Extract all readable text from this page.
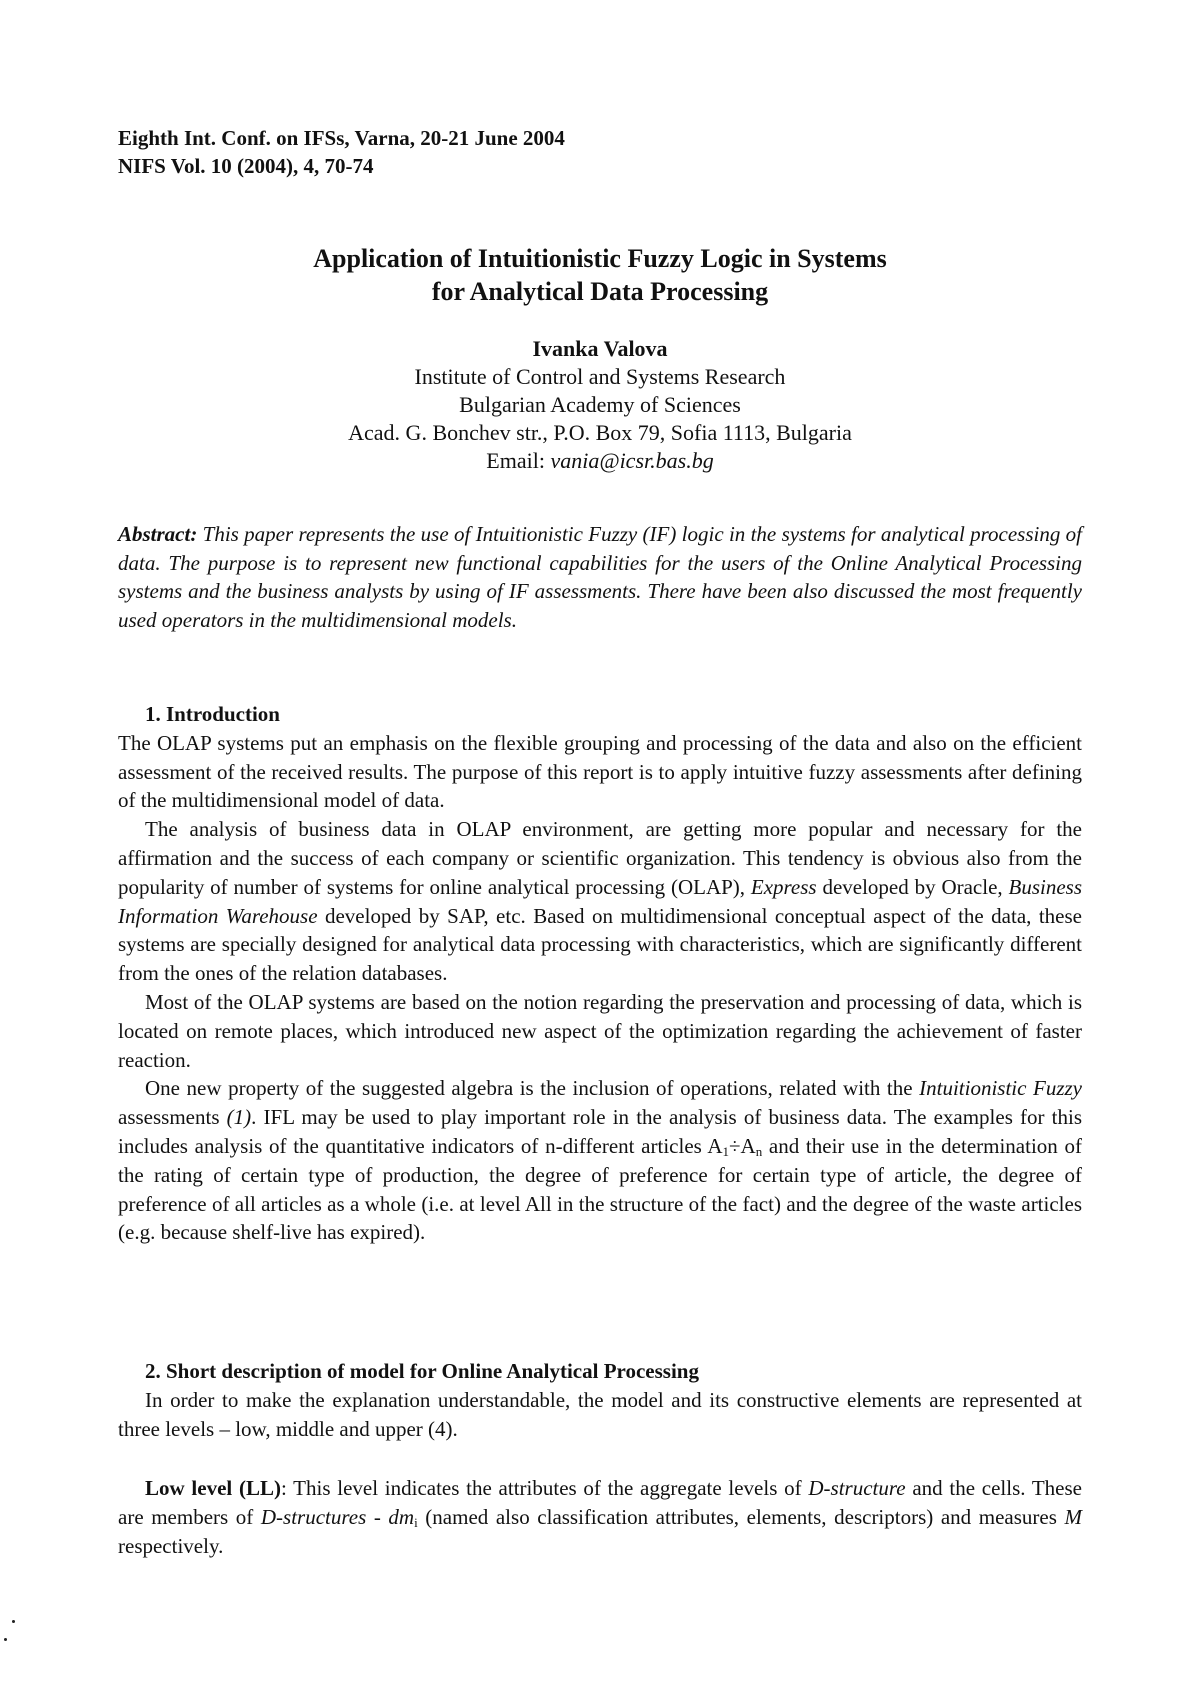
Eighth Int. Conf. on IFSs, Varna, 20-21 June 2004
NIFS Vol. 10 (2004), 4, 70-74
Application of Intuitionistic Fuzzy Logic in Systems
for Analytical Data Processing
Ivanka Valova
Institute of Control and Systems Research
Bulgarian Academy of Sciences
Acad. G. Bonchev str., P.O. Box 79, Sofia 1113, Bulgaria
Email: vania@icsr.bas.bg
Abstract: This paper represents the use of Intuitionistic Fuzzy (IF) logic in the systems for analytical processing of data. The purpose is to represent new functional capabilities for the users of the Online Analytical Processing systems and the business analysts by using of IF assessments. There have been also discussed the most frequently used operators in the multidimensional models.
1. Introduction

The OLAP systems put an emphasis on the flexible grouping and processing of the data and also on the efficient assessment of the received results. The purpose of this report is to apply intuitive fuzzy assessments after defining of the multidimensional model of data.

The analysis of business data in OLAP environment, are getting more popular and necessary for the affirmation and the success of each company or scientific organization. This tendency is obvious also from the popularity of number of systems for online analytical processing (OLAP), Express developed by Oracle, Business Information Warehouse developed by SAP, etc. Based on multidimensional conceptual aspect of the data, these systems are specially designed for analytical data processing with characteristics, which are significantly different from the ones of the relation databases.

Most of the OLAP systems are based on the notion regarding the preservation and processing of data, which is located on remote places, which introduced new aspect of the optimization regarding the achievement of faster reaction.

One new property of the suggested algebra is the inclusion of operations, related with the Intuitionistic Fuzzy assessments (1). IFL may be used to play important role in the analysis of business data. The examples for this includes analysis of the quantitative indicators of n-different articles $A_1\div A_n$ and their use in the determination of the rating of certain type of production, the degree of preference for certain type of article, the degree of preference of all articles as a whole (i.e. at level All in the structure of the fact) and the degree of the waste articles (e.g. because shelf-live has expired).

2. Short description of model for Online Analytical Processing

In order to make the explanation understandable, the model and its constructive elements are represented at three levels – low, middle and upper (4).

Low level (LL): This level indicates the attributes of the aggregate levels of D-structure and the cells. These are members of D-structures - $dm_i$ (named also classification attributes, elements, descriptors) and measures M respectively.
